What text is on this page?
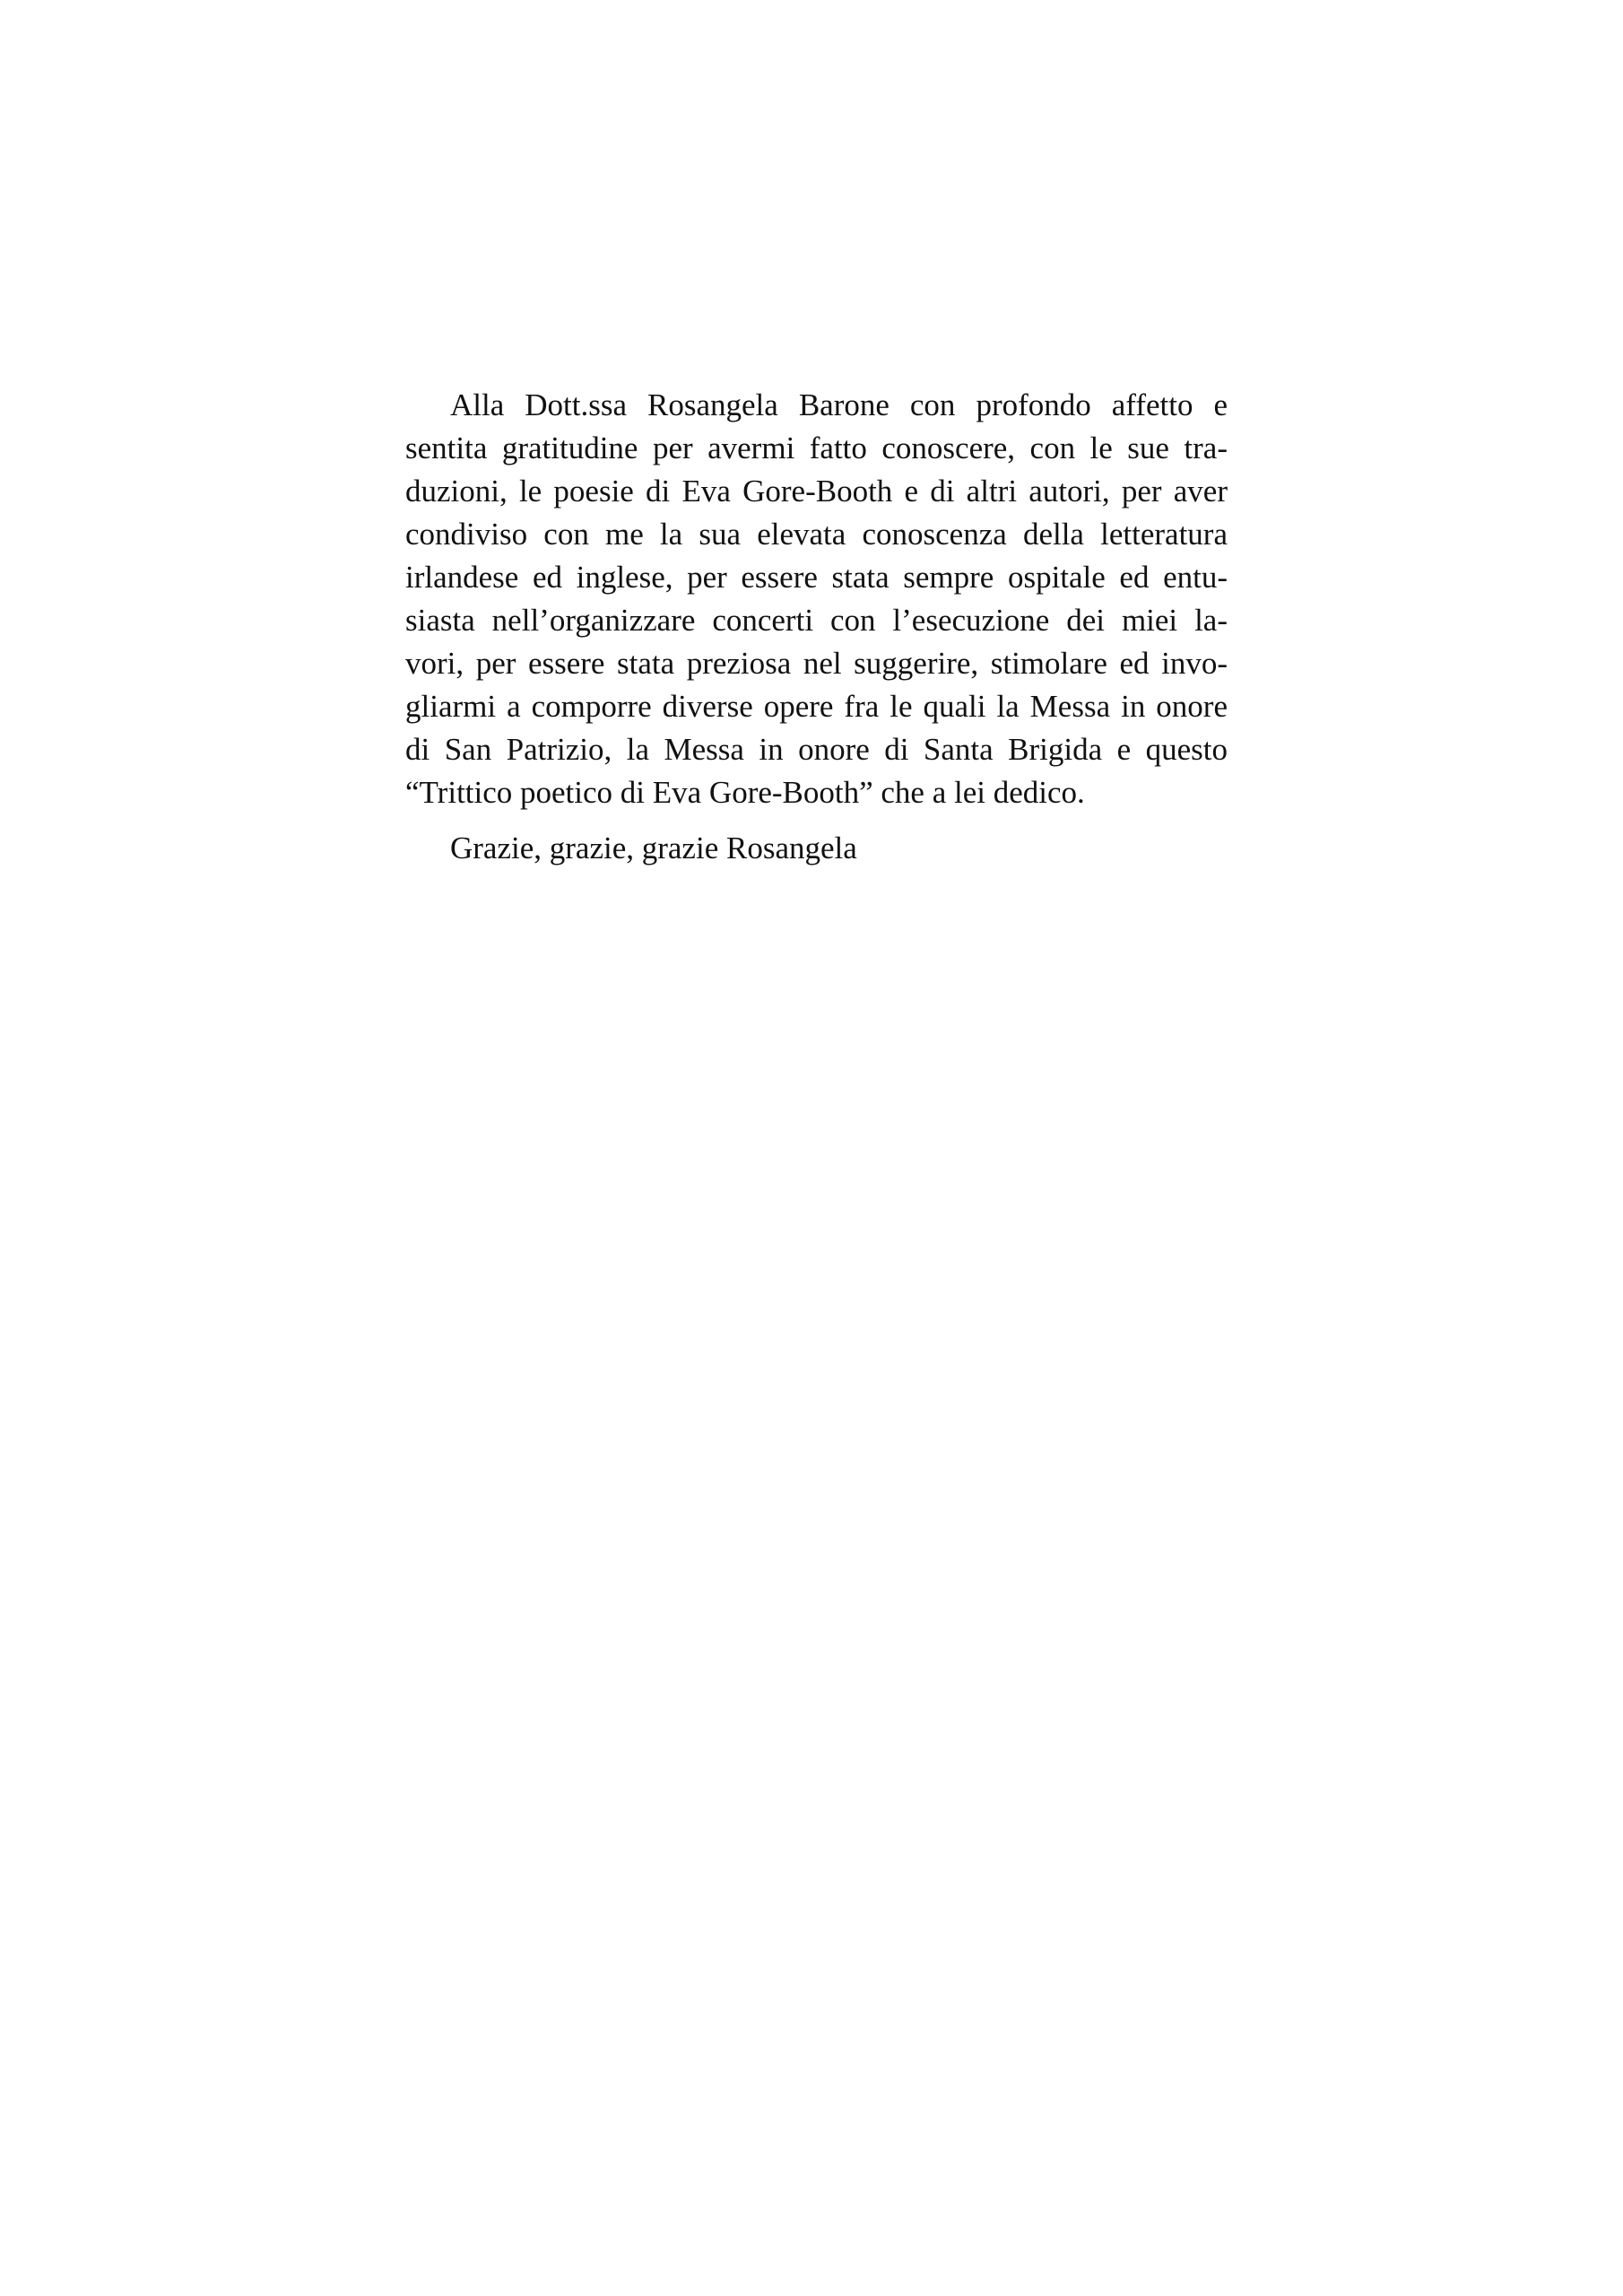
Alla Dott.ssa Rosangela Barone con profondo affetto e
sentita gratitudine per avermi fatto conoscere, con le sue tra-
duzioni, le poesie di Eva Gore-Booth e di altri autori, per aver
condiviso con me la sua elevata conoscenza della letteratura
irlandese ed inglese, per essere stata sempre ospitale ed entu-
siasta nell’organizzare concerti con l’esecuzione dei miei la-
vori, per essere stata preziosa nel suggerire, stimolare ed invo-
gliarmi a comporre diverse opere fra le quali la Messa in onore
di San Patrizio, la Messa in onore di Santa Brigida e questo
“Trittico poetico di Eva Gore-Booth” che a lei dedico.
Grazie, grazie, grazie Rosangela
